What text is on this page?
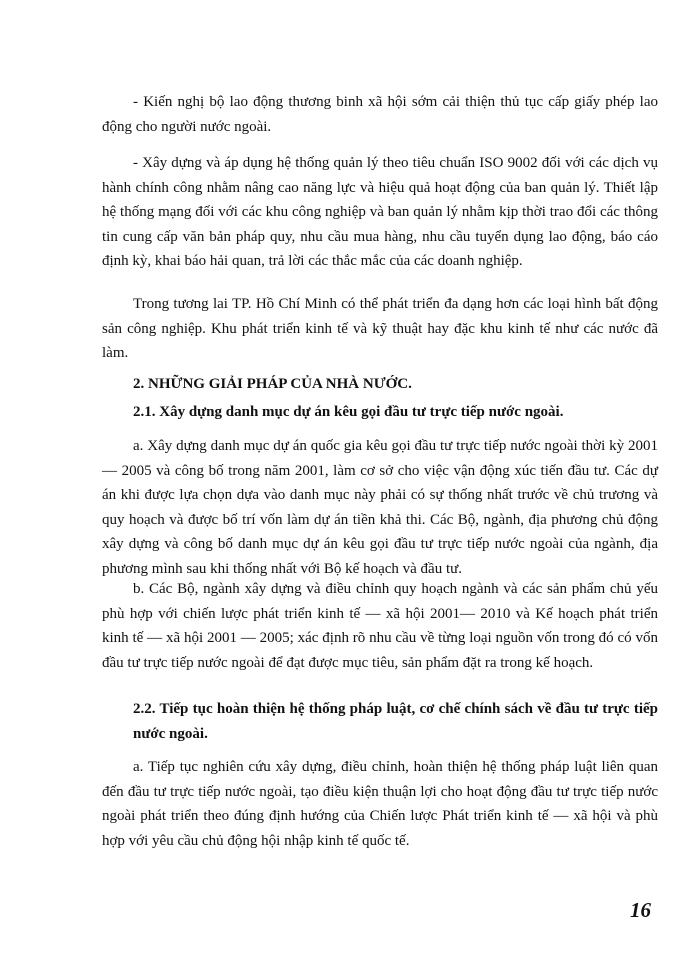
- Kiến nghị bộ lao động thương binh xã hội sớm cải thiện thủ tục cấp giấy phép lao động cho người nước ngoài.

- Xây dựng và áp dụng hệ thống quản lý theo tiêu chuẩn ISO 9002 đối với các dịch vụ hành chính công nhằm nâng cao năng lực và hiệu quả hoạt động của ban quản lý. Thiết lập hệ thống mạng đối với các khu công nghiệp và ban quản lý nhằm kịp thời trao đổi các thông tin cung cấp văn bản pháp quy, nhu cầu mua hàng, nhu cầu tuyển dụng lao động, báo cáo định kỳ, khai báo hải quan, trả lời các thắc mắc của các doanh nghiệp.

Trong tương lai TP. Hồ Chí Minh có thể phát triển đa dạng hơn các loại hình bất động sản công nghiệp. Khu phát triển kinh tế và kỹ thuật hay đặc khu kinh tế như các nước đã làm.

2. NHỮNG GIẢI PHÁP CỦA NHÀ NƯỚC.

2.1. Xây dựng danh mục dự án kêu gọi đầu tư trực tiếp nước ngoài.

a. Xây dựng danh mục dự án quốc gia kêu gọi đầu tư trực tiếp nước ngoài thời kỳ 2001 — 2005 và công bố trong năm 2001, làm cơ sở cho việc vận động xúc tiến đầu tư. Các dự án khi được lựa chọn dựa vào danh mục này phải có sự thống nhất trước về chủ trương và quy hoạch và được bố trí vốn làm dự án tiền khả thi. Các Bộ, ngành, địa phương chủ động xây dựng và công bố danh mục dự án kêu gọi đầu tư trực tiếp nước ngoài của ngành, địa phương mình sau khi thống nhất với Bộ kế hoạch và đầu tư.

b. Các Bộ, ngành xây dựng và điều chỉnh quy hoạch ngành và các sản phẩm chủ yếu phù hợp với chiến lược phát triển kinh tế — xã hội 2001— 2010 và Kế hoạch phát triển kinh tế — xã hội 2001 — 2005; xác định rõ nhu cầu về từng loại nguồn vốn trong đó có vốn đầu tư trực tiếp nước ngoài để đạt được mục tiêu, sản phẩm đặt ra trong kế hoạch.

2.2. Tiếp tục hoàn thiện hệ thống pháp luật, cơ chế chính sách về đầu tư trực tiếp nước ngoài.

a. Tiếp tục nghiên cứu xây dựng, điều chỉnh, hoàn thiện hệ thống pháp luật liên quan đến đầu tư trực tiếp nước ngoài, tạo điều kiện thuận lợi cho hoạt động đầu tư trực tiếp nước ngoài phát triển theo đúng định hướng của Chiến lược Phát triển kinh tế — xã hội và phù hợp với yêu cầu chủ động hội nhập kinh tế quốc tế.

16
